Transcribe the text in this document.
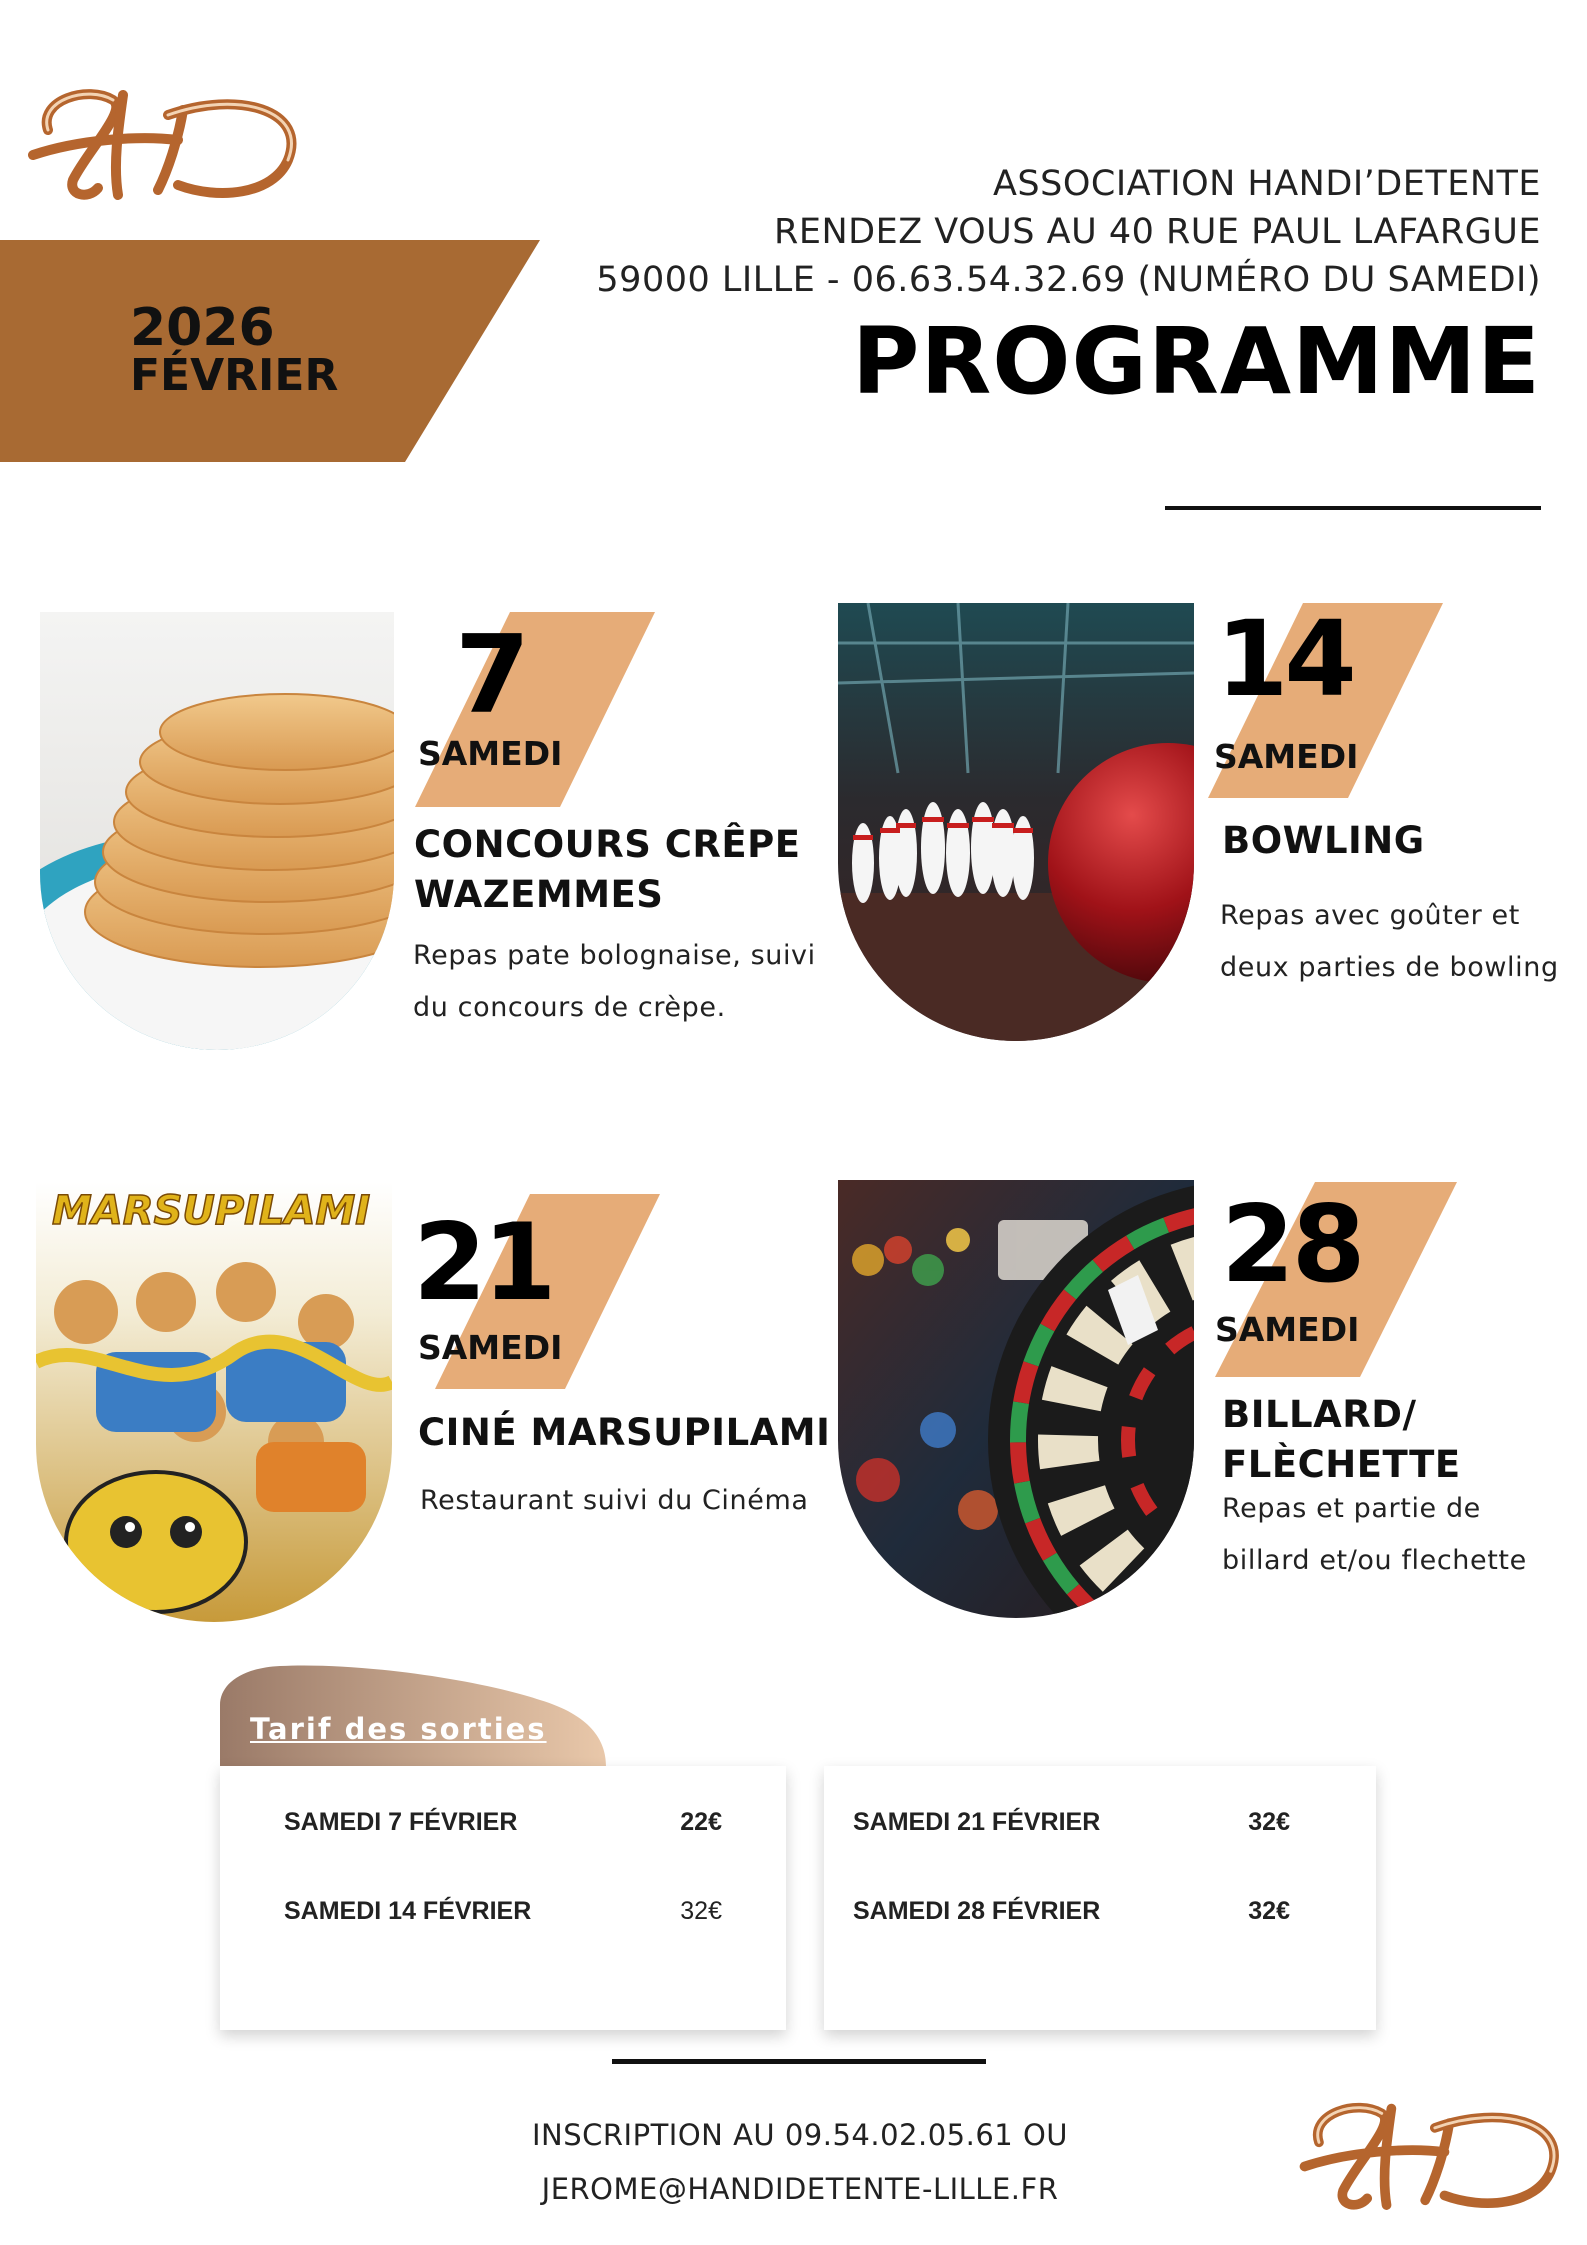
2026
FÉVRIER
ASSOCIATION HANDI’DETENTE
RENDEZ VOUS AU 40 RUE PAUL LAFARGUE
59000 LILLE - 06.63.54.32.69 (NUMÉRO DU SAMEDI)
PROGRAMME
7
SAMEDI
CONCOURS CRÊPE
WAZEMMES
Repas pate bolognaise, suivi
du concours de crèpe.
14
SAMEDI
BOWLING
Repas avec goûter et
deux parties de bowling
MARSUPILAMI 21
SAMEDI
CINÉ MARSUPILAMI
Restaurant suivi du Cinéma
28
SAMEDI
BILLARD/
FLÈCHETTE
Repas et partie de
billard et/ou flechette
Tarif des sorties
SAMEDI 7 FÉVRIER	22€
SAMEDI 14 FÉVRIER	32€
SAMEDI 21 FÉVRIER	32€
SAMEDI 28 FÉVRIER	32€
INSCRIPTION AU 09.54.02.05.61 OU
JEROME@HANDIDETENTE-LILLE.FR
